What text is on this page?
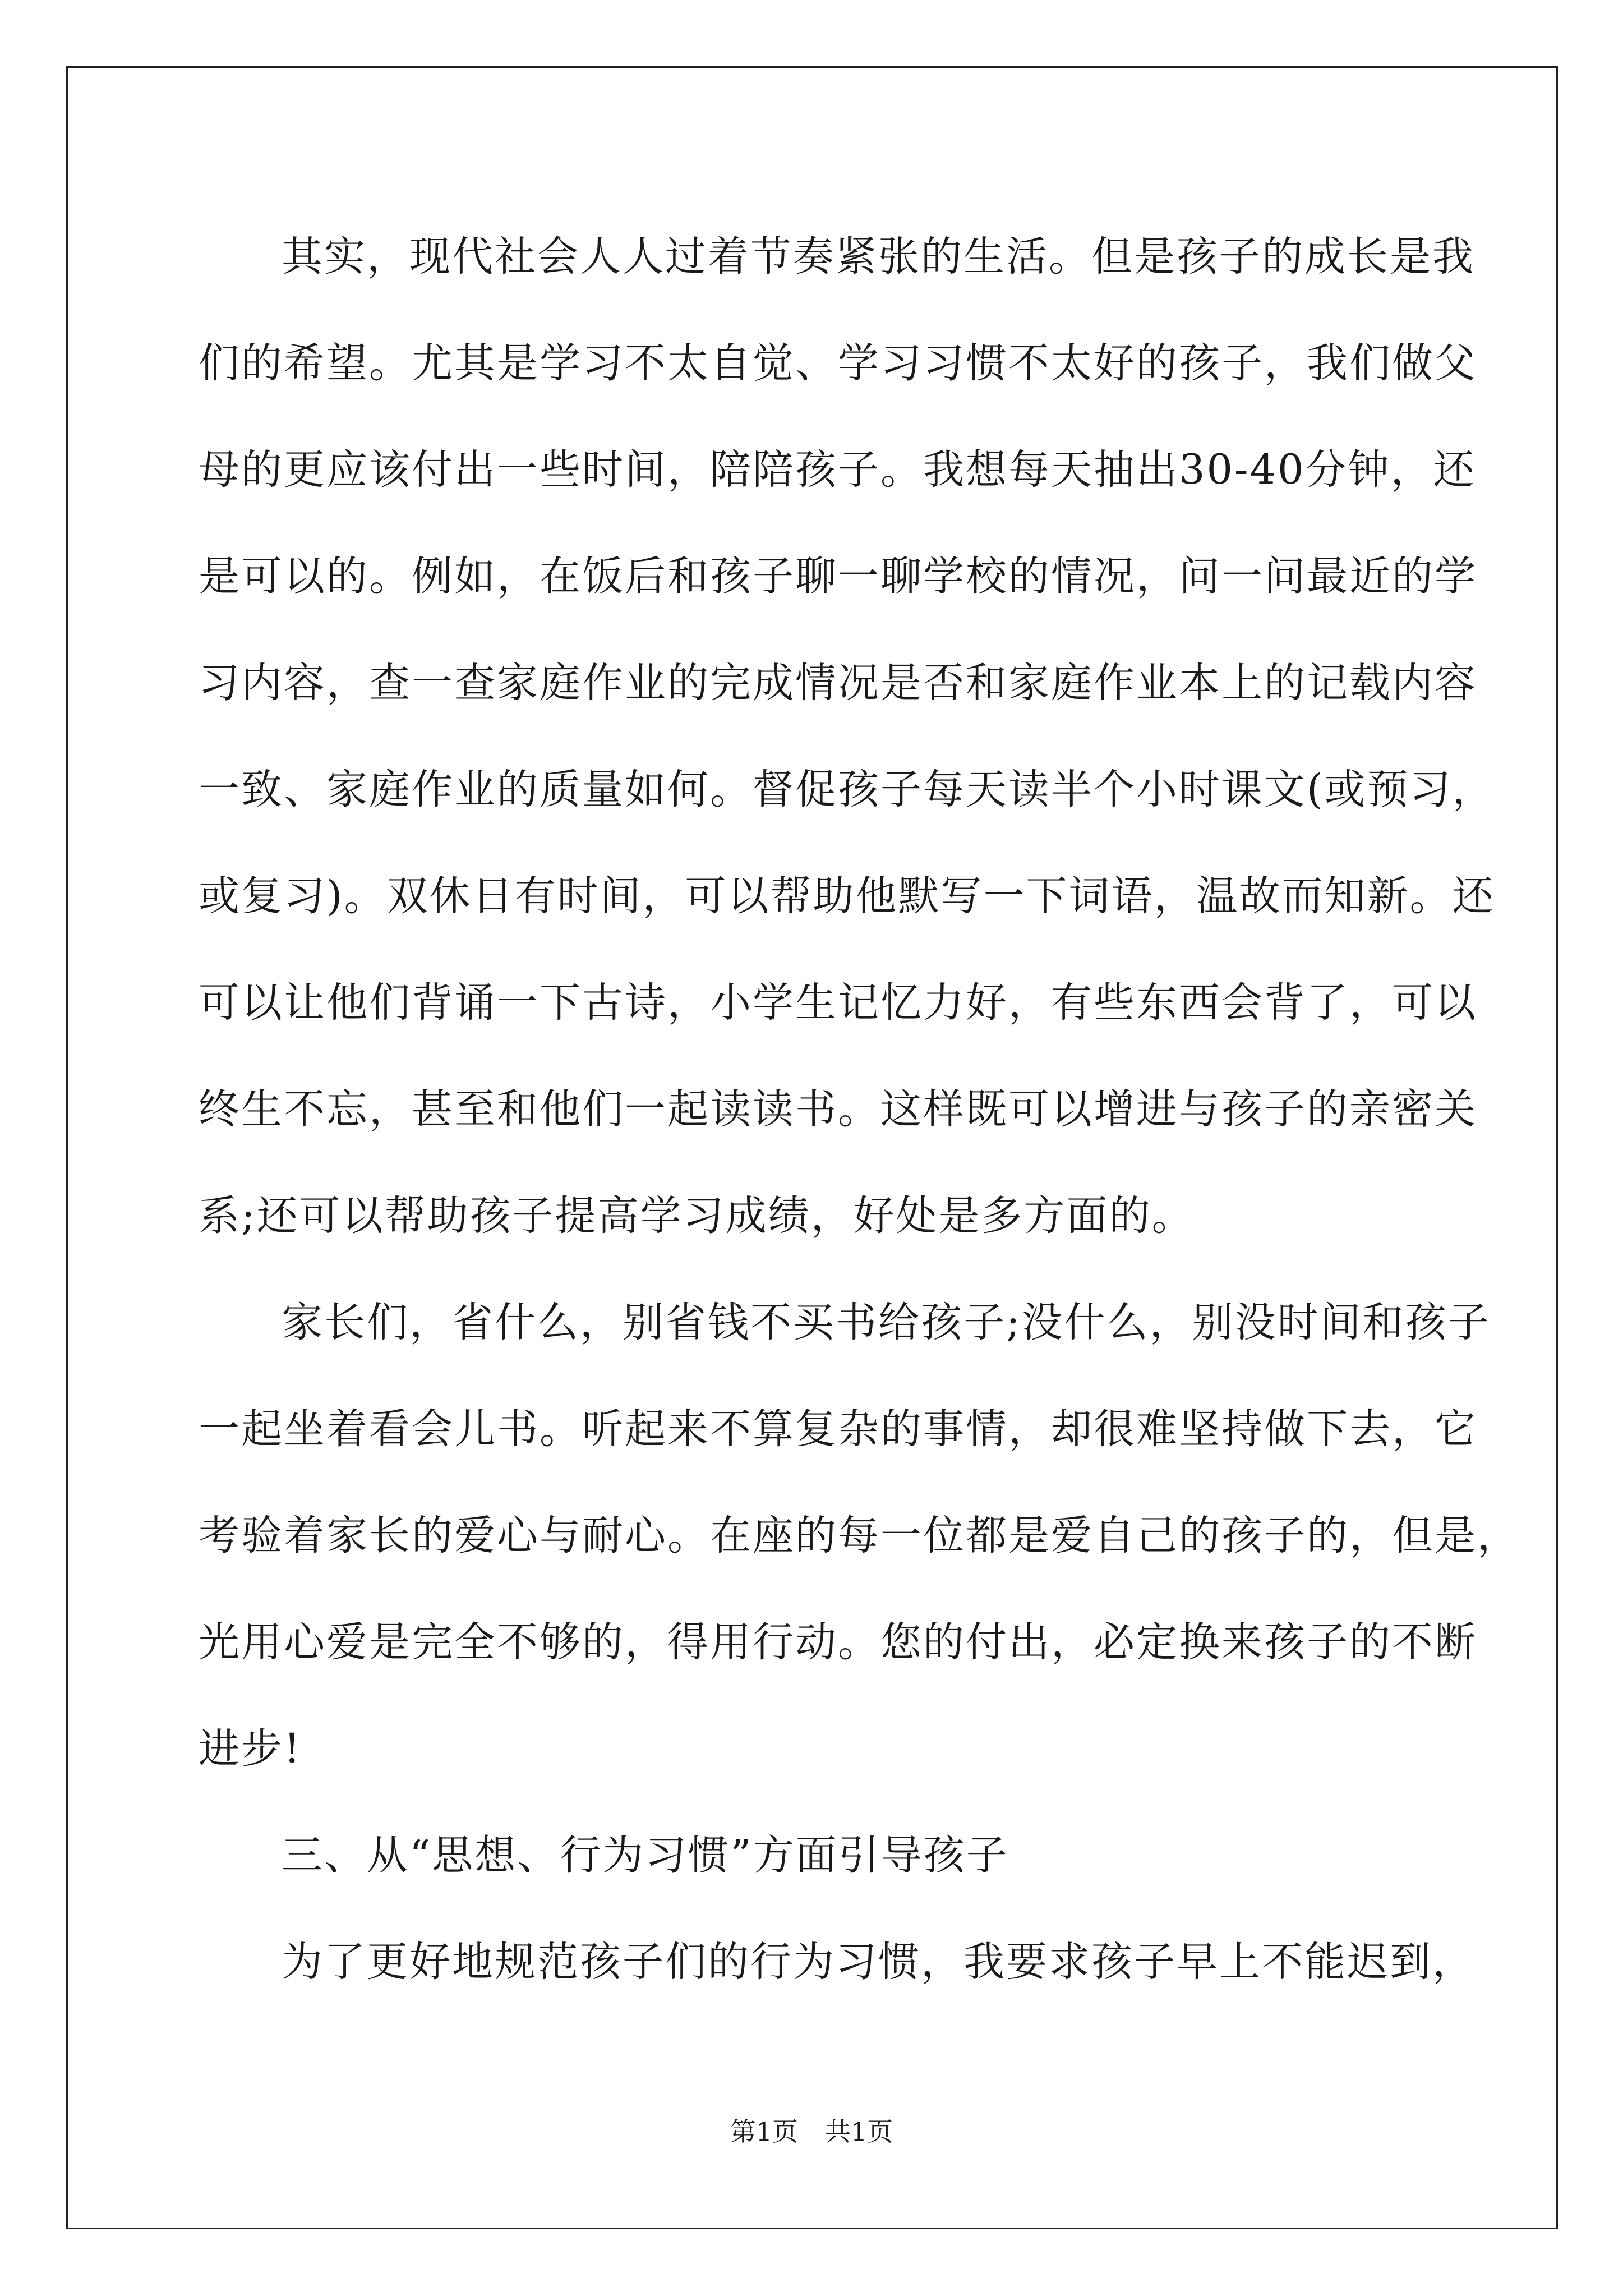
其实，现代社会人人过着节奏紧张的生活。但是孩子的成长是我
们的希望。尤其是学习不太自觉、学习习惯不太好的孩子，我们做父
母的更应该付出一些时间，陪陪孩子。我想每天抽出30-40分钟，还
是可以的。例如，在饭后和孩子聊一聊学校的情况，问一问最近的学
习内容，查一查家庭作业的完成情况是否和家庭作业本上的记载内容
一致、家庭作业的质量如何。督促孩子每天读半个小时课文(或预习，
或复习)。双休日有时间，可以帮助他默写一下词语，温故而知新。还
可以让他们背诵一下古诗，小学生记忆力好，有些东西会背了，可以
终生不忘，甚至和他们一起读读书。这样既可以增进与孩子的亲密关
系;还可以帮助孩子提高学习成绩，好处是多方面的。
家长们，省什么，别省钱不买书给孩子;没什么，别没时间和孩子
一起坐着看会儿书。听起来不算复杂的事情，却很难坚持做下去，它
考验着家长的爱心与耐心。在座的每一位都是爱自己的孩子的，但是，
光用心爱是完全不够的，得用行动。您的付出，必定换来孩子的不断
进步!
三、从“思想、行为习惯”方面引导孩子
为了更好地规范孩子们的行为习惯，我要求孩子早上不能迟到，
第1页 共1页
